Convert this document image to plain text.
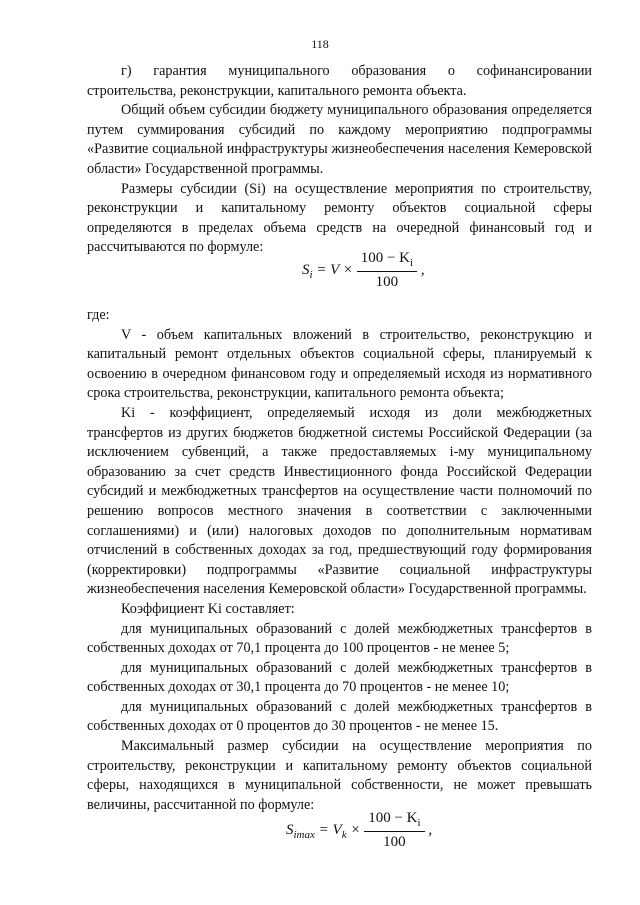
118

г) гарантия муниципального образования о софинансировании строительства, реконструкции, капитального ремонта объекта.

Общий объем субсидии бюджету муниципального образования определяется путем суммирования субсидий по каждому мероприятию подпрограммы «Развитие социальной инфраструктуры жизнеобеспечения населения Кемеровской области» Государственной программы.

Размеры субсидии (Si) на осуществление мероприятия по строительству, реконструкции и капитальному ремонту объектов социальной сферы определяются в пределах объема средств на очередной финансовый год и рассчитываются по формуле:

$S_i = V \times \frac{100 - K_i}{100}$ ,

где:

V - объем капитальных вложений в строительство, реконструкцию и капитальный ремонт отдельных объектов социальной сферы, планируемый к освоению в очередном финансовом году и определяемый исходя из нормативного срока строительства, реконструкции, капитального ремонта объекта;

Ki - коэффициент, определяемый исходя из доли межбюджетных трансфертов из других бюджетов бюджетной системы Российской Федерации (за исключением субвенций, а также предоставляемых i-му муниципальному образованию за счет средств Инвестиционного фонда Российской Федерации субсидий и межбюджетных трансфертов на осуществление части полномочий по решению вопросов местного значения в соответствии с заключенными соглашениями) и (или) налоговых доходов по дополнительным нормативам отчислений в собственных доходах за год, предшествующий году формирования (корректировки) подпрограммы «Развитие социальной инфраструктуры жизнеобеспечения населения Кемеровской области» Государственной программы.

Коэффициент Ki составляет:

для муниципальных образований с долей межбюджетных трансфертов в собственных доходах от 70,1 процента до 100 процентов - не менее 5;

для муниципальных образований с долей межбюджетных трансфертов в собственных доходах от 30,1 процента до 70 процентов - не менее 10;

для муниципальных образований с долей межбюджетных трансфертов в собственных доходах от 0 процентов до 30 процентов - не менее 15.

Максимальный размер субсидии на осуществление мероприятия по строительству, реконструкции и капитальному ремонту объектов социальной сферы, находящихся в муниципальной собственности, не может превышать величины, рассчитанной по формуле:

$S_{imax} = V_k \times \frac{100 - K_i}{100}$ ,
